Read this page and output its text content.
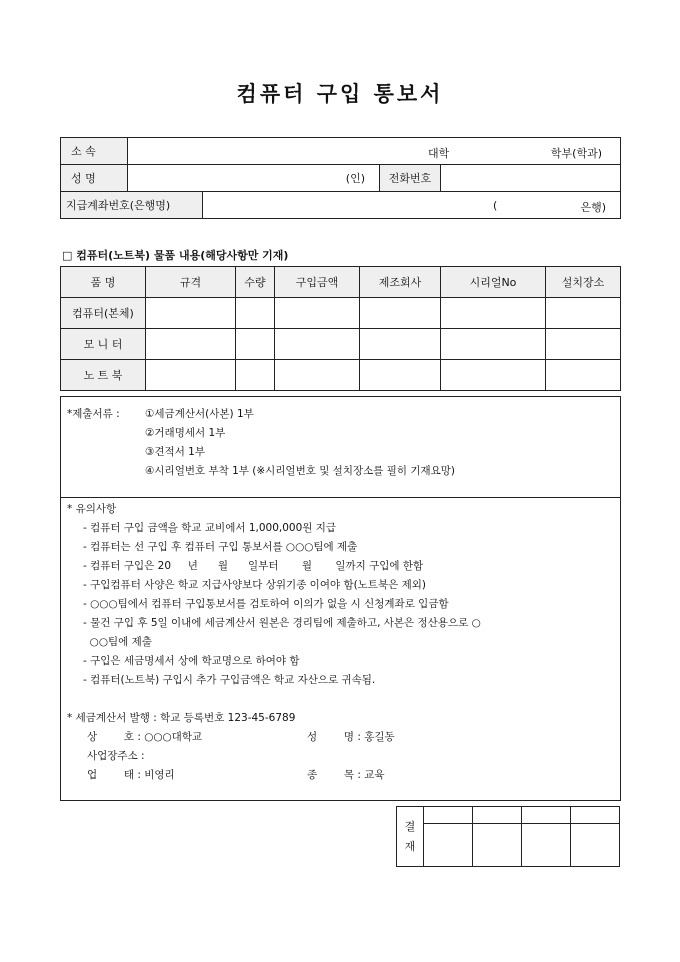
컴퓨터 구입 통보서
소 속	대학	학부(학과)

성 명	(인)	전화번호	

지급계좌번호(은행명)	(	은행)
□ 컴퓨터(노트북) 물품 내용(해당사항만 기재)
품 명	규격	수량	구입금액	제조회사	시리얼No	설치장소
컴퓨터(본체)						
모 니 터						
노 트 북						
*제출서류 :	①세금계산서(사본) 1부
②거래명세서 1부
③견적서 1부
④시리얼번호 부착 1부 (※시리얼번호 및 설치장소를 필히 기재요망)

* 유의사항
- 컴퓨터 구입 금액을 학교 교비에서 1,000,000원 지급
- 컴퓨터는 선 구입 후 컴퓨터 구입 통보서를 ○○○팀에 제출
- 컴퓨터 구입은 20     년      월      일부터       월       일까지 구입에 한함
- 구입컴퓨터 사양은 학교 지급사양보다 상위기종 이여야 함(노트북은 제외)
- ○○○팀에서 컴퓨터 구입통보서를 검토하여 이의가 없을 시 신청계좌로 입금함
- 물건 구입 후 5일 이내에 세금계산서 원본은 경리팀에 제출하고, 사본은 정산용으로 ○
○○팀에 제출
- 구입은 세금명세서 상에 학교명으로 하여야 함
- 컴퓨터(노트북) 구입시 추가 구입금액은 학교 자산으로 귀속됨.
* 세금계산서 발행 : 학교 등록번호 123-45-6789
상        호 : ○○○대학교	성        명 : 홍길동
사업장주소 :
업        태 : 비영리	종        목 : 교육
결
재				
